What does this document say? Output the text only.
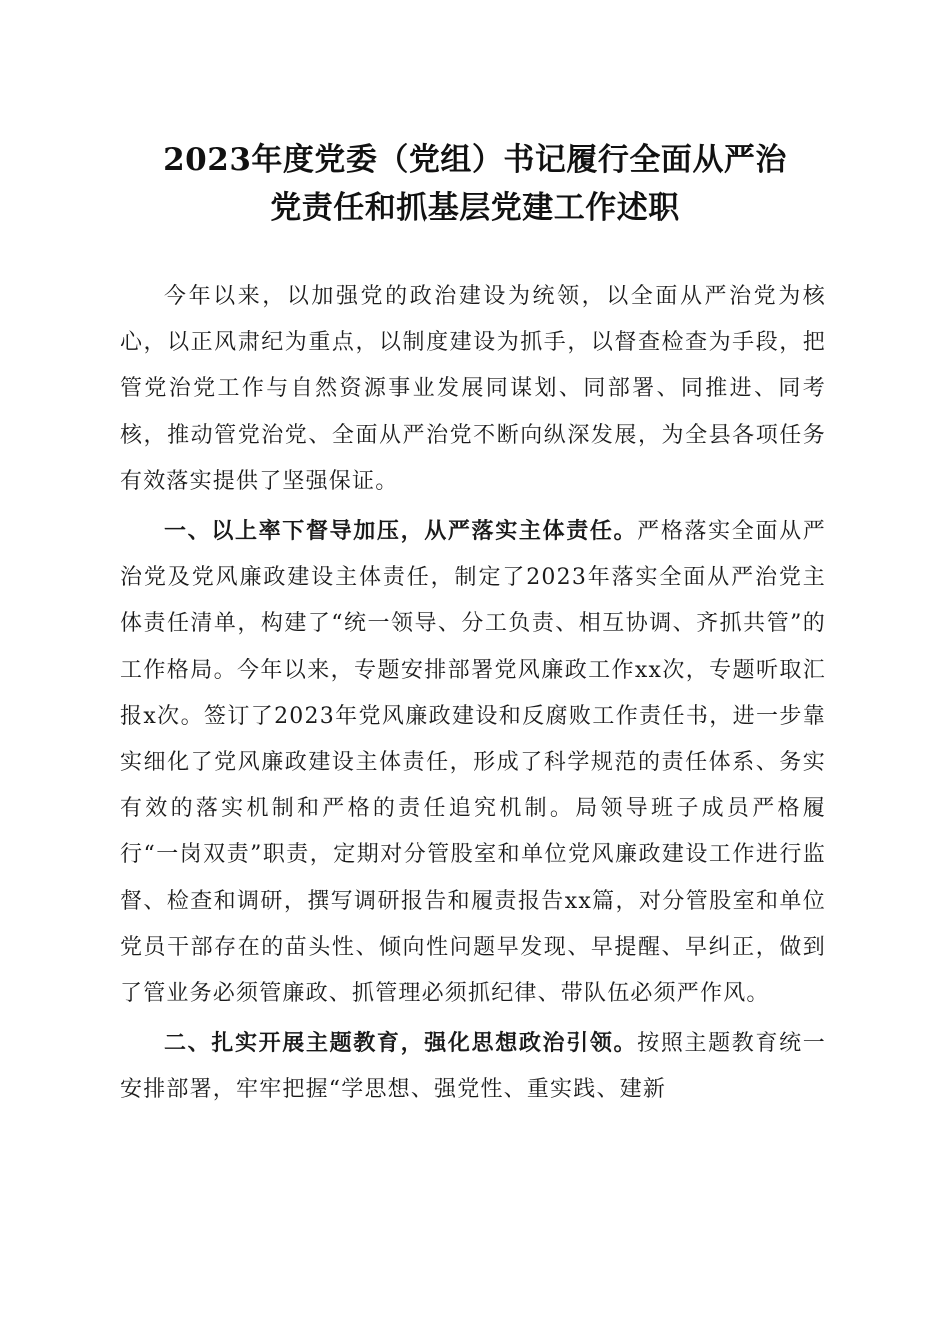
2023年度党委（党组）书记履行全面从严治
党责任和抓基层党建工作述职

今年以来，以加强党的政治建设为统领，以全面从严治党为核心，以正风肃纪为重点，以制度建设为抓手，以督查检查为手段，把管党治党工作与自然资源事业发展同谋划、同部署、同推进、同考核，推动管党治党、全面从严治党不断向纵深发展，为全县各项任务有效落实提供了坚强保证。

一、以上率下督导加压，从严落实主体责任。严格落实全面从严治党及党风廉政建设主体责任，制定了2023年落实全面从严治党主体责任清单，构建了“统一领导、分工负责、相互协调、齐抓共管”的工作格局。今年以来，专题安排部署党风廉政工作xx次，专题听取汇报x次。签订了2023年党风廉政建设和反腐败工作责任书，进一步靠实细化了党风廉政建设主体责任，形成了科学规范的责任体系、务实有效的落实机制和严格的责任追究机制。局领导班子成员严格履行“一岗双责”职责，定期对分管股室和单位党风廉政建设工作进行监督、检查和调研，撰写调研报告和履责报告xx篇，对分管股室和单位党员干部存在的苗头性、倾向性问题早发现、早提醒、早纠正，做到了管业务必须管廉政、抓管理必须抓纪律、带队伍必须严作风。

二、扎实开展主题教育，强化思想政治引领。按照主题教育统一安排部署，牢牢把握“学思想、强党性、重实践、建新
